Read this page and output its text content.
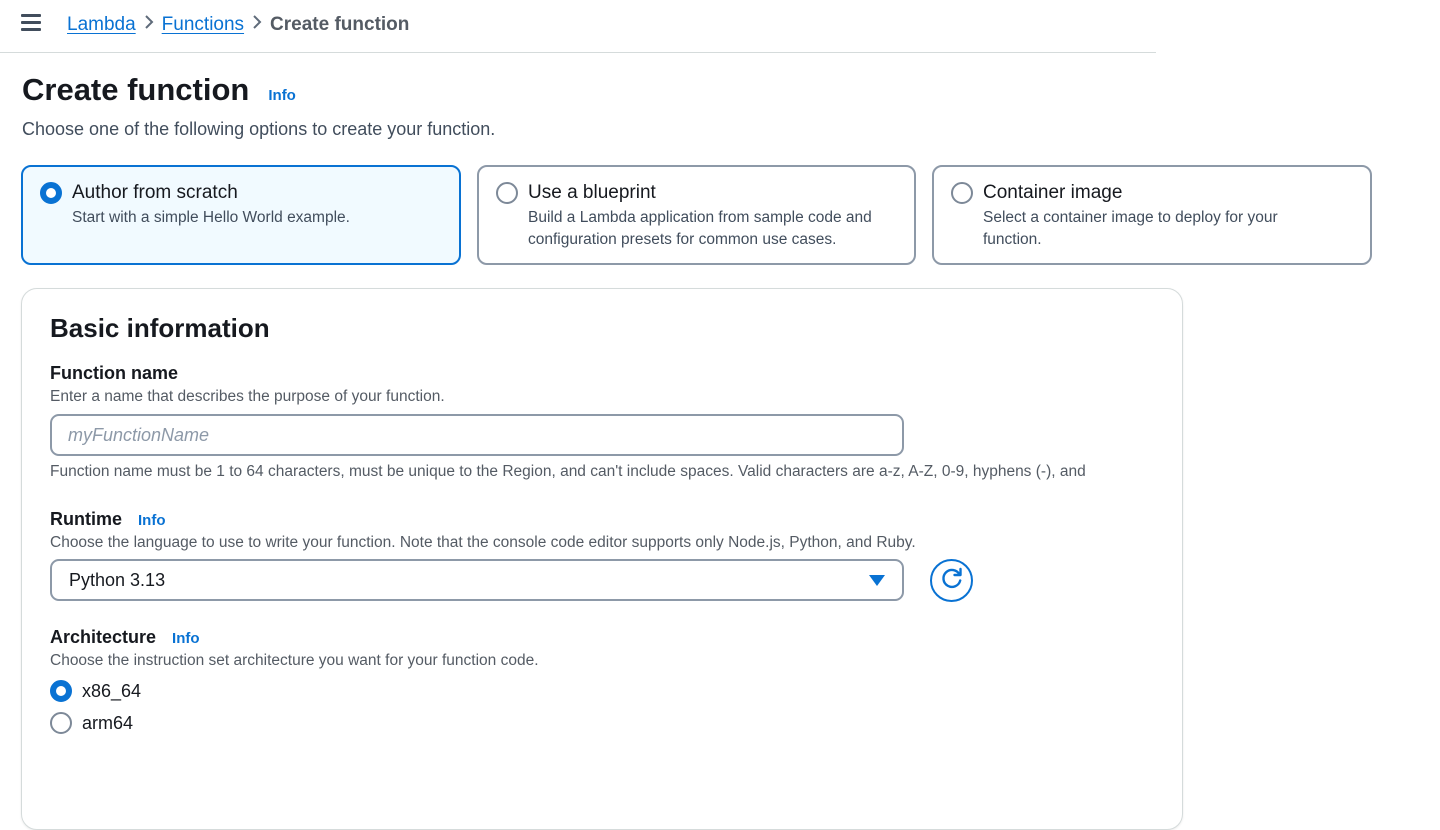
Lambda Functions Create function
Create function Info
Choose one of the following options to create your function.
Author from scratch
Start with a simple Hello World example.
Use a blueprint
Build a Lambda application from sample code and configuration presets for common use cases.
Container image
Select a container image to deploy for your function.
Basic information
Function name
Enter a name that describes the purpose of your function.
myFunctionName
Function name must be 1 to 64 characters, must be unique to the Region, and can't include spaces. Valid characters are a-z, A-Z, 0-9, hyphens (-), and
Runtime Info
Choose the language to use to write your function. Note that the console code editor supports only Node.js, Python, and Ruby.
Python 3.13
Architecture Info
Choose the instruction set architecture you want for your function code.
x86_64
arm64
